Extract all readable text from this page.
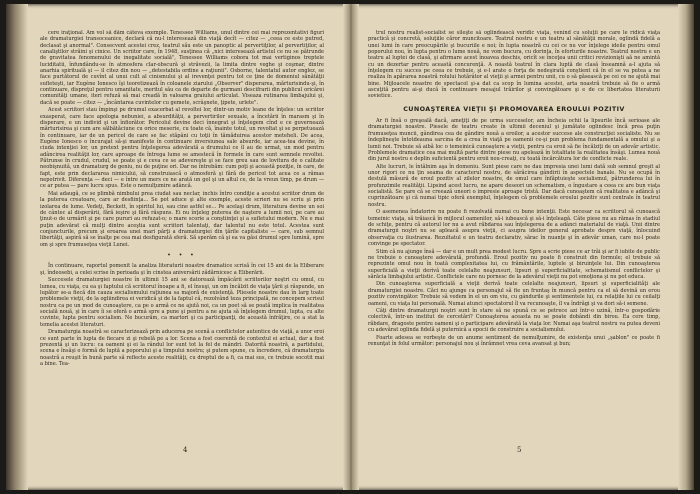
cere iraţional. Am vol să dăm câteva exemple. Tenessee Williams, unul dintre cei mai reprezentativi figuri ale dramaturgiei transoceanice, declară că nu-l interesează din viaţă decît — citez — „ceea ce este putred, declasat şi anormal". Consecvent acestei crez, teatrul său este un panoptic al pervertiţilor, al pervertiţilor, al canaliştilor străini şi cinice. Un scriitor care, în 1948, susţinea că „nici interesează artistul ce nu se pătrunde de gravitatea fenomenului de inegalitate socială", Tenessee Williams cobora tot mai vertiginos treptele luciditatii, înfundându-se în atmosfera clar-obscură şi străvezii, la limita dintre veghe şi coşmar, dintre anarhia spirituală şi — il citez din nou — „detestabila ordine a raţiunii". Osborne, talentatul autor englez, se face purtătorul de cuvînt al unui cult al cinismului şi al irevenţei pentru tot ce ţine de domeniul sănătăţii sufleteşti, iar Eugène Ionesco îşi teoretizează în coloanele ziarului „Observer" disperarea, mărturisindu-şi, în continuare, dispreţul pentru umanitate, meritul său ca de departe de gurmani descifrarii din publicul oricărei comunităţi umane, iteri refuză să mai creadă în valoarea graiului articulat. Viseaza rutinarea limbajului şi, dacă se poate — citez — „încântarea cuvintelor cu gemete, scrâşnete, ţipete, urlete".

Acest scriitori stau împinşi pe drumul exacerbat al revoltei lor, dintr-un motiv leane de înţeles: un scriitor exasperat, care face apologia nebuniei, a absurdităţii, a pervertirilor sexuale, a încetării în marasm şi în disperare, e un individ şi un înfiorător. Pericolul devine deci înnegrat şi înţelegem cînd e ce guvernează mărturisirea şi cum are sălbătăciune cu orice meserie, cu toate că, înainte totul, un revoltat şi se perpetuează în continuare, iar de un pericol de care se fac stăpâni cu toţii în tămăduirea acestor meteheli. De acea, Eugène Ionesco o încurajat să-şi manifeste în continuare inversiunea sale absurde, iar acea-tea devine, în ciuda intenţiei lor, un pretext pentru înţelegerea adevărată a drumului ce îl au de urmat, un mod pentru adâncirea realităţii lor, care aproape de întrega lume se amestecă în formele în care sunt semnele revoltei. Pătrunse în crudul, crudul, se poate şi e ceva ce se adevereşte şi se face greu sau de lovitura de o calitate neobişnuită, un dramaturg de geniu, nu de puţine ori. Dar ne întrebăm: cum poţi şi această poziţie, în care, de fapt, este prin declararea nimicului, să construiască o atmosferă şi fără de pericol tot acea ce a rămas nepotrivit. Diferenţa — deci — e între un mers ce ne arată un gol şi un altul ce, de la vreun timp, pe drum — ce ar putea — pare lucru spus. Este o nemulţumire adâncă.

Mai adaugă, ce se plimbă nimbului prea ciudat sau neclar, inchis întro condiţie a acestui scriitor drum de la puterea creatoare, care ar desfiinţa... Se pot aduce şi alte exemple, aceste scrieri nu se scriu şi prin izolarea de lume. Vedeţi, Beckett, în spiritul lui, sau cine astfel se... Pe acelaşi drum, literatura devine un soi de cântec al disperării, fără ieşire şi fără răspuns. Ei nu înţeleg puterea de naştere a lumii noi, pe care au ţinut-o de urmărit şi pe care pururi au refuzat-o; o mare scorie a conştiinţei şi a sufletului modern. Nu e mai puţin adevărat că mulţi dintre aceştia sunt scriitori talentaţi, dar talentul nu este totul. Acestea sunt conjuncturile, precum şi eroarea unei mari părţi a dramaturgiei din ţările capitaliste — care, sub semnul libertăţii, aspiră să se înalţe pe cea mai desfigurată sferă. Să sperăm că şi ea va găsi drumul spre lumină, spre om şi spre frumuseţea vieţii Lunei.

• • •

În continuare, raportul pomenit la analiza literaturii noastre dramatice scrisă în cei 15 ani de la Eliberare şi, îndeosebi, a celei scrise în perioada şi în cinstea aniversării zădărnicesc a Eliberării.

Succesele dramaturgiei noastre în ultimii 15 ani se datorează împăcării scriitorilor noştri cu omul, cu lumea, cu viaţa, cu ea şi faptului că scriitorul înoape a fi, el însuşi, un om încălzit de viaţa ţării şi răspunde, un lupător se-a fiecă din cauza socialismului raţiunea sa majoră de existenţă. Pliesele noastre dau în larg toate problemele vieţii, de la ogliindirea ei veridică şi de la faptul că, rezolvând teza principală, ne concepem scrisul nostru ca pe un mod de cunoaştere, ca pe o armă ce ne ajută noi, ca un poet să se poată implica în realitatea socială nouă, şi în care îi se oferă o armă spre a pune şi pentru a ne ajuta să înţelegem drumul, lupta, cu alte cuvinte, lupta pentru socialism. Ne bucurăm, ca martori şi ca participanţi, de această înfrăţire, ce a stat la temelia acestei literaturi.

Dramaturgia noastră se caracterizează prin aducerea pe scenă a conflictelor autentice de viaţă, a unor eroi ce sunt parte în lupta de fiecare zi şi rebelă pe a lor. Scena a fost coerentă de contextul ei actual, dar a fost prezentă şi un lucru: ca oameni şi ei la rândul lor sunt tot la fel de mândri. Datorită noastră, a partidului, scena e însăşi o formă de luptă a poporului şi a timpului nostru; şi putem spune, cu încredere, că dramaturgia noastră a reuşit în bună parte să reflecte aceste realităţi, cu dreptul de a fi, ca mai sus, ce trebuie socotit mai a bine. Tea-

4

trul nostru realist-socialist se sileşte să oglindească veridic viaţa, venind cu soluţii pe care le ridică viaţa practică şi concretă, soluţiile căror muncitoare. Teatrul nostru e un teatru al sănătăţii morale, oglindă fidelă a unei lumi în care preocupările şi bucuriile e noi; în lupta noastră cu cei ce nu vor înţelege ideile pentru omul poporului nou, în lupta pentru o lume nouă, ne vom bucura, cu dorinţa, în eforturile noastre. Teatrul nostru e un teatru al luptei de clasă, şi afirmare acest înoavea deschis, oricît se înceţea unii critici revizionişti aă ne amintă cu un dezertar pentru această concurenţă. A noastă teatrul în clara luptă de clasă înseamnă a-l ajuta să înţelegem cu succes pe ceea ce trebuie, şi e-l arate o forţa de nedeşirată conştient că în el se va putea a ne realiza în apărarea noastră rolului hotărâtor al vieţii şi armei pentru unii, cu o să găsească pe cei ce ne ajută mai bine. Mijloacele noastre de spectacol şi-a dat ca scop în lumina acestei, arta noastră trebuie să fie o armă ascuţită pentru ai-şi ducă în continuare mesajul trăirilor şi convingătoare şi e de ce libertatea literaturii sovietice.

CUNOAŞTEREA VIEŢII ŞI PROMOVAREA EROULUI POZITIV

Ar fi însă o greşeală dacă, ameţiţi de pe urma succeselor, am încheia ochii la lipsurile încă serioase ale dramaturgiei noastre. Piesele de teatru create în ultimii deceniul şi jumătate oglindesc încă prea puţin frumuseţea muncii, gândirea cea de gândire nouă a eroilor, a acestor succese ale construcţiei socialiste. Nu se îndeplineşte întotdeauna sarcina de a crea în viaţă pe oamenii ce-şi pun problema fundamentală a omului şi a lumii noi. Trebuie să aibă loc o temeinică cunoaştere a vieţii, pentru ca eroii să fie încălziţi de un adevăr artistic. Problemele dramatice cea mai multă parte dintre piese nu apelează în totalitate la realitatea însăşi. Lumea nouă din jurul nostru e deplin suficientă pentru eroii nou-creaţi, cu toată încărcătura lor de conflicte reale.

Alte lucruri, le întâlnim aşa în domeniu. Sunt piese care ne dau impresia unei lumi dată sub semnul greşit al unor rigori ce nu ţin seama de caracterul nostru, de sărăcirea gândirii în aspectele banale. Nu se ocupă în destulă măsură de eroul pozitiv al zilelor noastre, de omul care înfăptuieşte socialismul, pătrunderea lui în profunzimile realităţii. Lipsind acest lucru, ne apare deseori un schematism, o îngustare a ceea ce are bun viaţa socialistă. Se pare că se creează uneori o impresie aproape tristă. Dar dacă cunoaştem că realitatea e adâncă şi cuprinzătoare şi că numai tipic oferă exemplul, înţelegem că problemele eroului pozitiv sunt centrale în teatrul nostru.

O asemenea îndatorire nu poate fi rezolvată numai cu bune intenţii. Este necesar ca scriitorul să cunoască temeinic viaţa, să trăiască în mijlocul oamenilor, să-i iubească şi să-i înţeleagă. Câte piese nu au rămas în stadiul de schiţe, pentru că autorul lor nu a avut răbdarea sau înţelegerea de a adânci materialul de viaţă. Unii dintre dramaturgii noştri nu se apleacă asupra vieţii, ci asupra ideilor general aprobate despre viaţă, înlocuind observaţia cu ilustrarea. Rezultatul e un teatru declarativ, sărac în nuanţe şi în adevăr uman, care nu-l poate convinge pe spectator.

Stim că nu ajunge însă — dar e un mult prea modest lucru. Spre a scrie piese ce ar trăi şi ar fi iubite de public ne trebuie o cunoaştere adevărată, profundă. Eroul pozitiv nu poate fi construit din formule; el trebuie să reprezinte omul nou în toată complexitatea lui, cu frământările, luptele şi biruinţele lui. Din cunoaşterea superficială a vieţii derivă toate celelalte neajunsuri, lipsuri şi superficialitate, schematismul conflictelor şi sărăcia limbajului artistic. Conflictele care nu pornesc de la adevărul vieţii nu pot emoţiona şi nu pot educa.

Din cunoaşterea superficială a vieţii derivă toate celelalte neajunsuri, lipsuri şi superficialităţi ale dramaturgiei noastre. Căci nu ajunge ca personajul să fie un fruntaş în muncă pentru ca el să devină un erou pozitiv convingător. Trebuie să vedem în el un om viu, cu gândurile şi sentimentele lui, cu relaţiile lui cu ceilalţi oameni, cu viaţa lui personală. Numai atunci spectatorul îl va recunoaşte, îl va îndrăgi şi va dori să-i semene.

Câţi dintre dramaturgii noştri sunt în stare să ne spună ce se petrece azi într-o uzină, într-o gospodărie colectivă, într-un institut de cercetări? Cunoaşterea aceasta nu se poate dobândi din birou. Ea cere timp, răbdare, dragoste pentru oameni şi o participare adevărată la viaţa lor. Numai aşa teatrul nostru va putea deveni cu adevărat oglinda fidelă şi puternică a epocii de construire a socialismului.

Foarte adesea se vorbeşte de un anume sentiment de nemulţumire, de existenţa unui „şablon" ce poate fi renunţat în folul următor: personajul nou şi înrămnet vrea ceva avansat şi bun;

5
